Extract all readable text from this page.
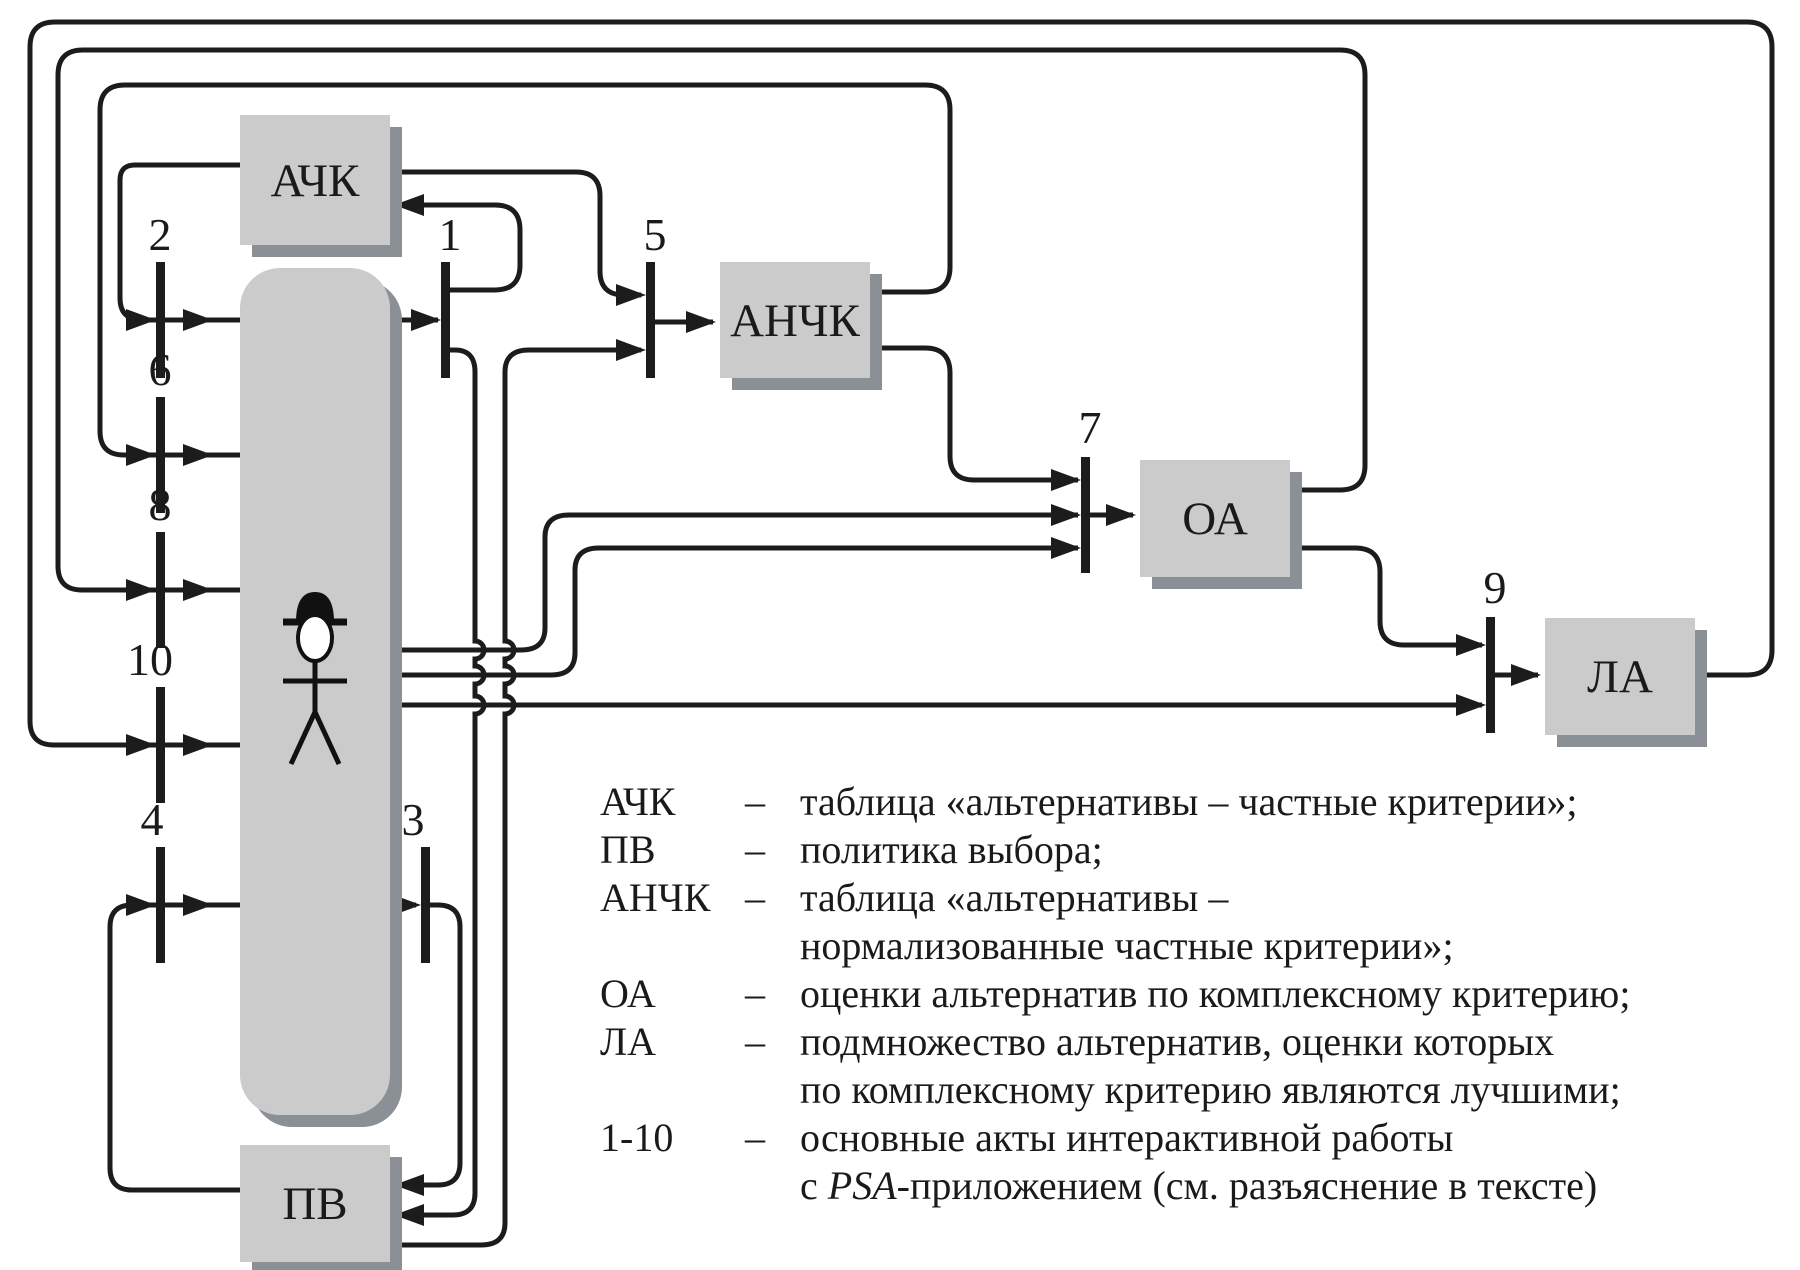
АЧК
АНЧК
ОА
ЛА
ПВ
2
6
8
10
4	3
1	5
7
9
АЧК – таблица «альтернативы – частные критерии»;
ПВ – политика выбора;
АНЧК – таблица «альтернативы –
нормализованные частные критерии»;
ОА – оценки альтернатив по комплексному критерию;
ЛА – подмножество альтернатив, оценки которых
по комплексному критерию являются лучшими;
1-10 – основные акты интерактивной работы
с PSA-приложением (см. разъяснение в тексте)
